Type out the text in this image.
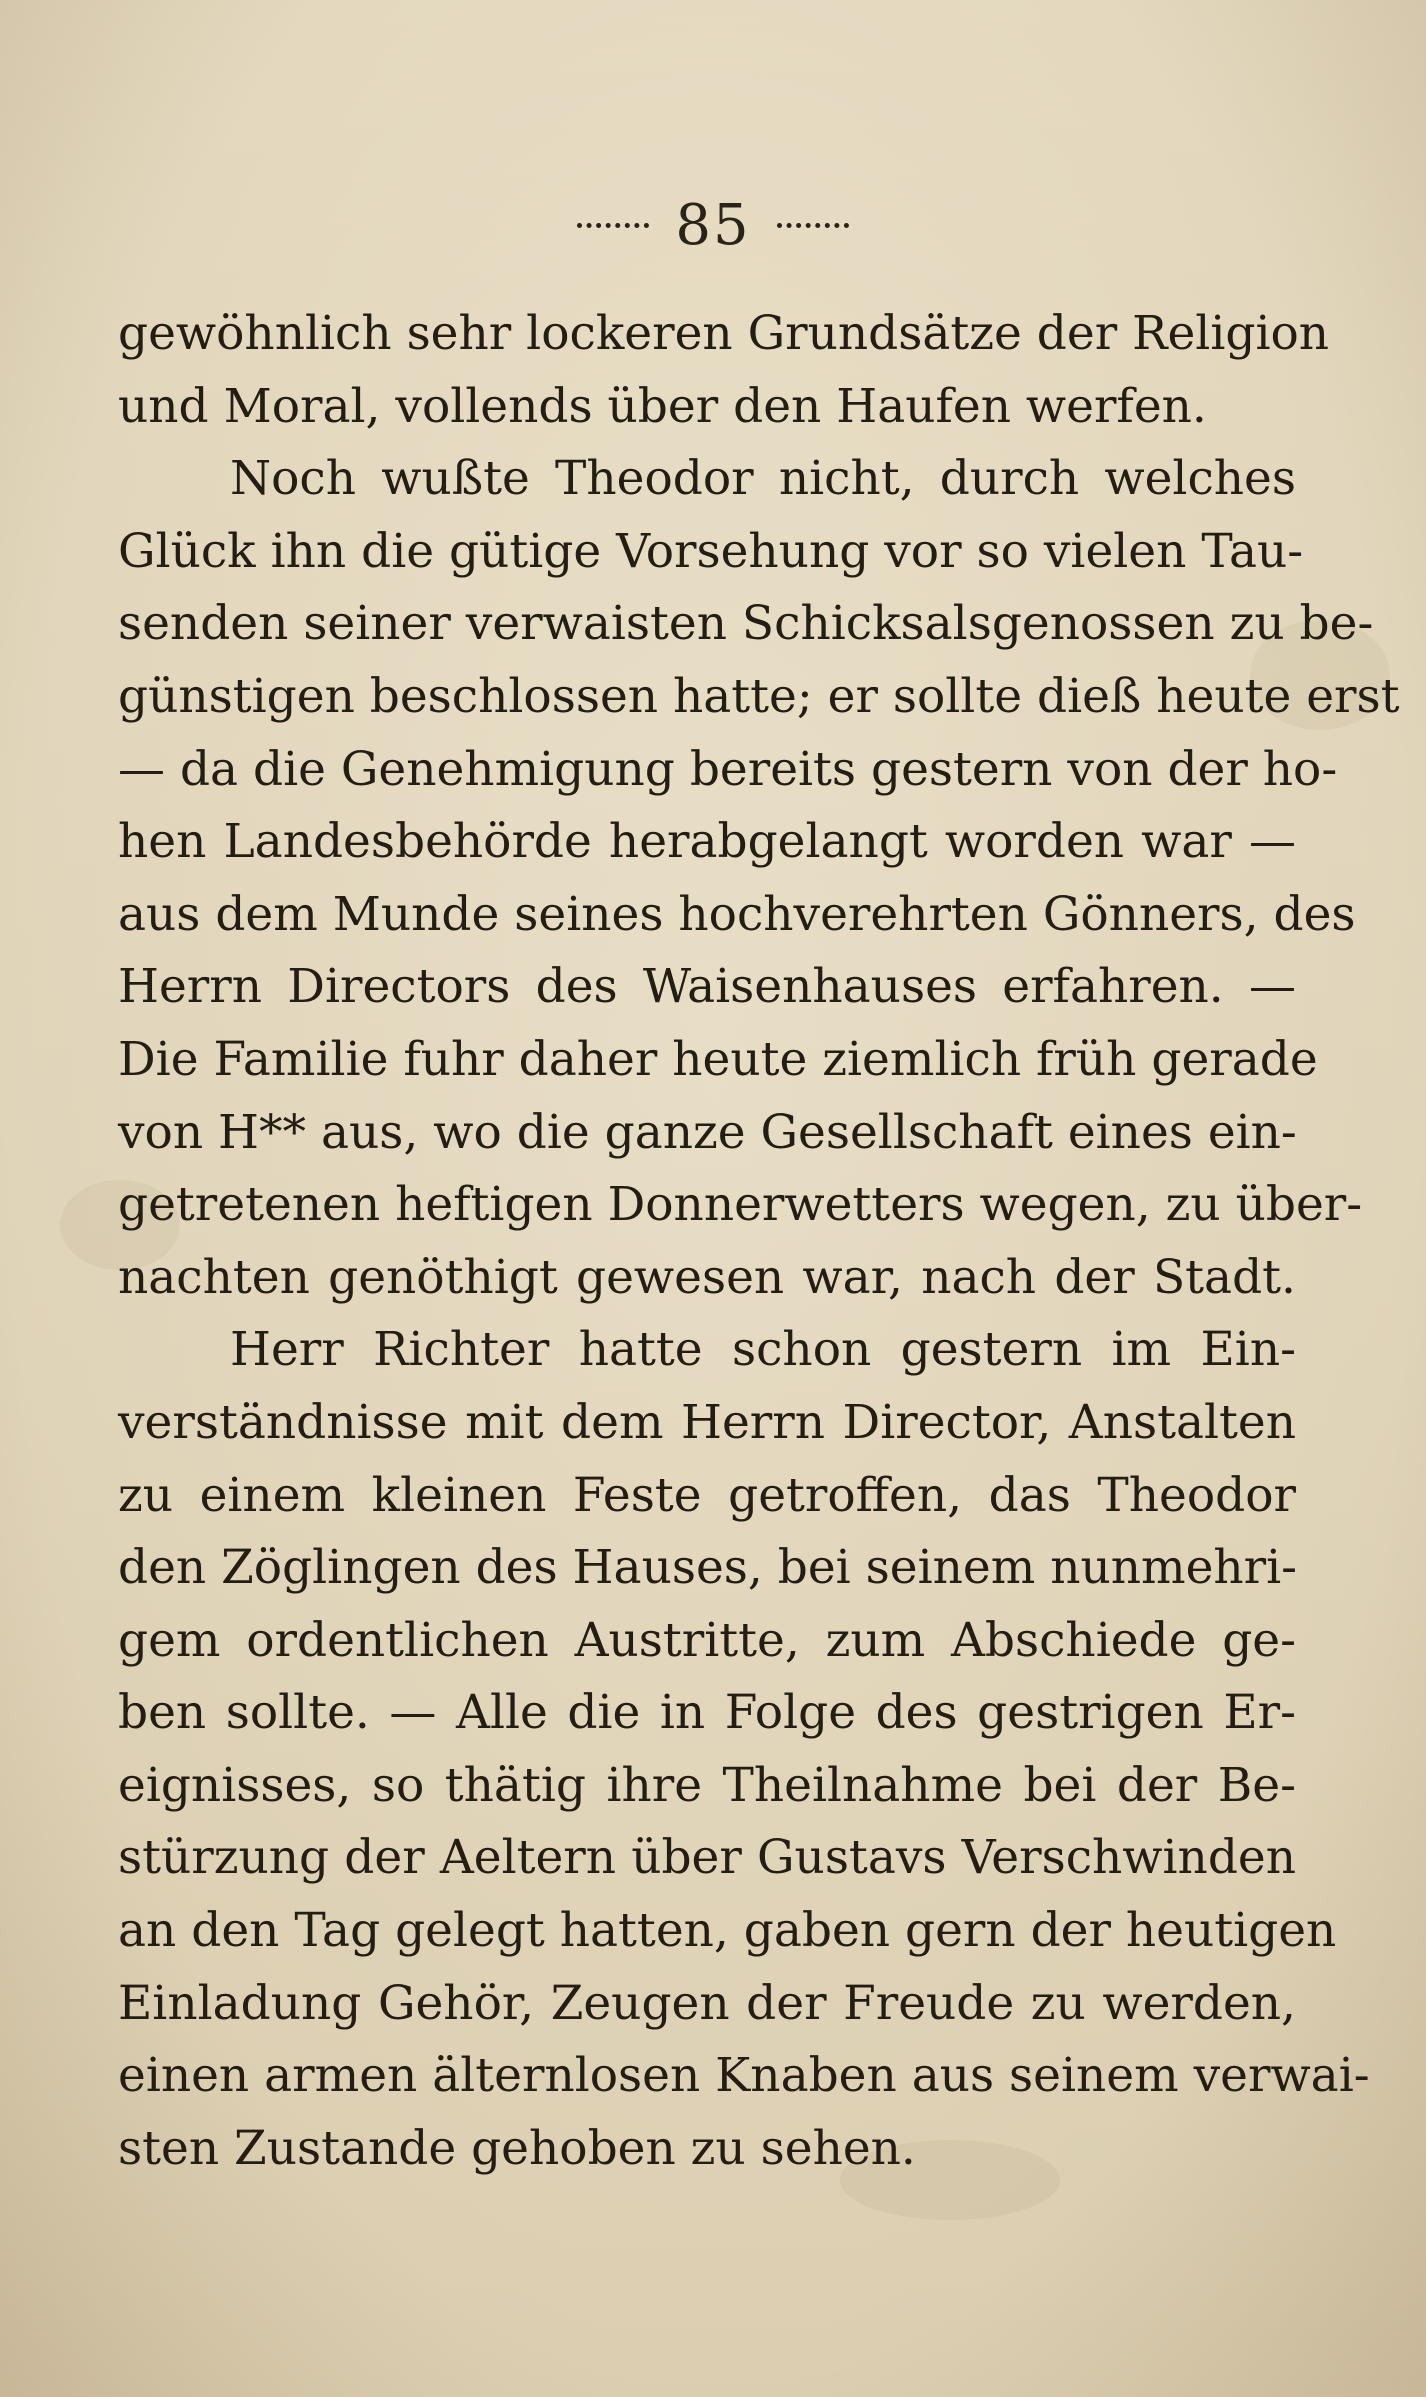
85
gewöhnlich sehr lockeren Grundsätze der Religion
und Moral, vollends über den Haufen werfen.
Noch wußte Theodor nicht, durch welches
Glück ihn die gütige Vorsehung vor so vielen Tau-
senden seiner verwaisten Schicksalsgenossen zu be-
günstigen beschlossen hatte; er sollte dieß heute erst
— da die Genehmigung bereits gestern von der ho-
hen Landesbehörde herabgelangt worden war —
aus dem Munde seines hochverehrten Gönners, des
Herrn Directors des Waisenhauses erfahren. —
Die Familie fuhr daher heute ziemlich früh gerade
von H** aus, wo die ganze Gesellschaft eines ein-
getretenen heftigen Donnerwetters wegen, zu über-
nachten genöthigt gewesen war, nach der Stadt.
Herr Richter hatte schon gestern im Ein-
verständnisse mit dem Herrn Director, Anstalten
zu einem kleinen Feste getroffen, das Theodor
den Zöglingen des Hauses, bei seinem nunmehri-
gem ordentlichen Austritte, zum Abschiede ge-
ben sollte. — Alle die in Folge des gestrigen Er-
eignisses, so thätig ihre Theilnahme bei der Be-
stürzung der Aeltern über Gustavs Verschwinden
an den Tag gelegt hatten, gaben gern der heutigen
Einladung Gehör, Zeugen der Freude zu werden,
einen armen älternlosen Knaben aus seinem verwai-
sten Zustande gehoben zu sehen.
